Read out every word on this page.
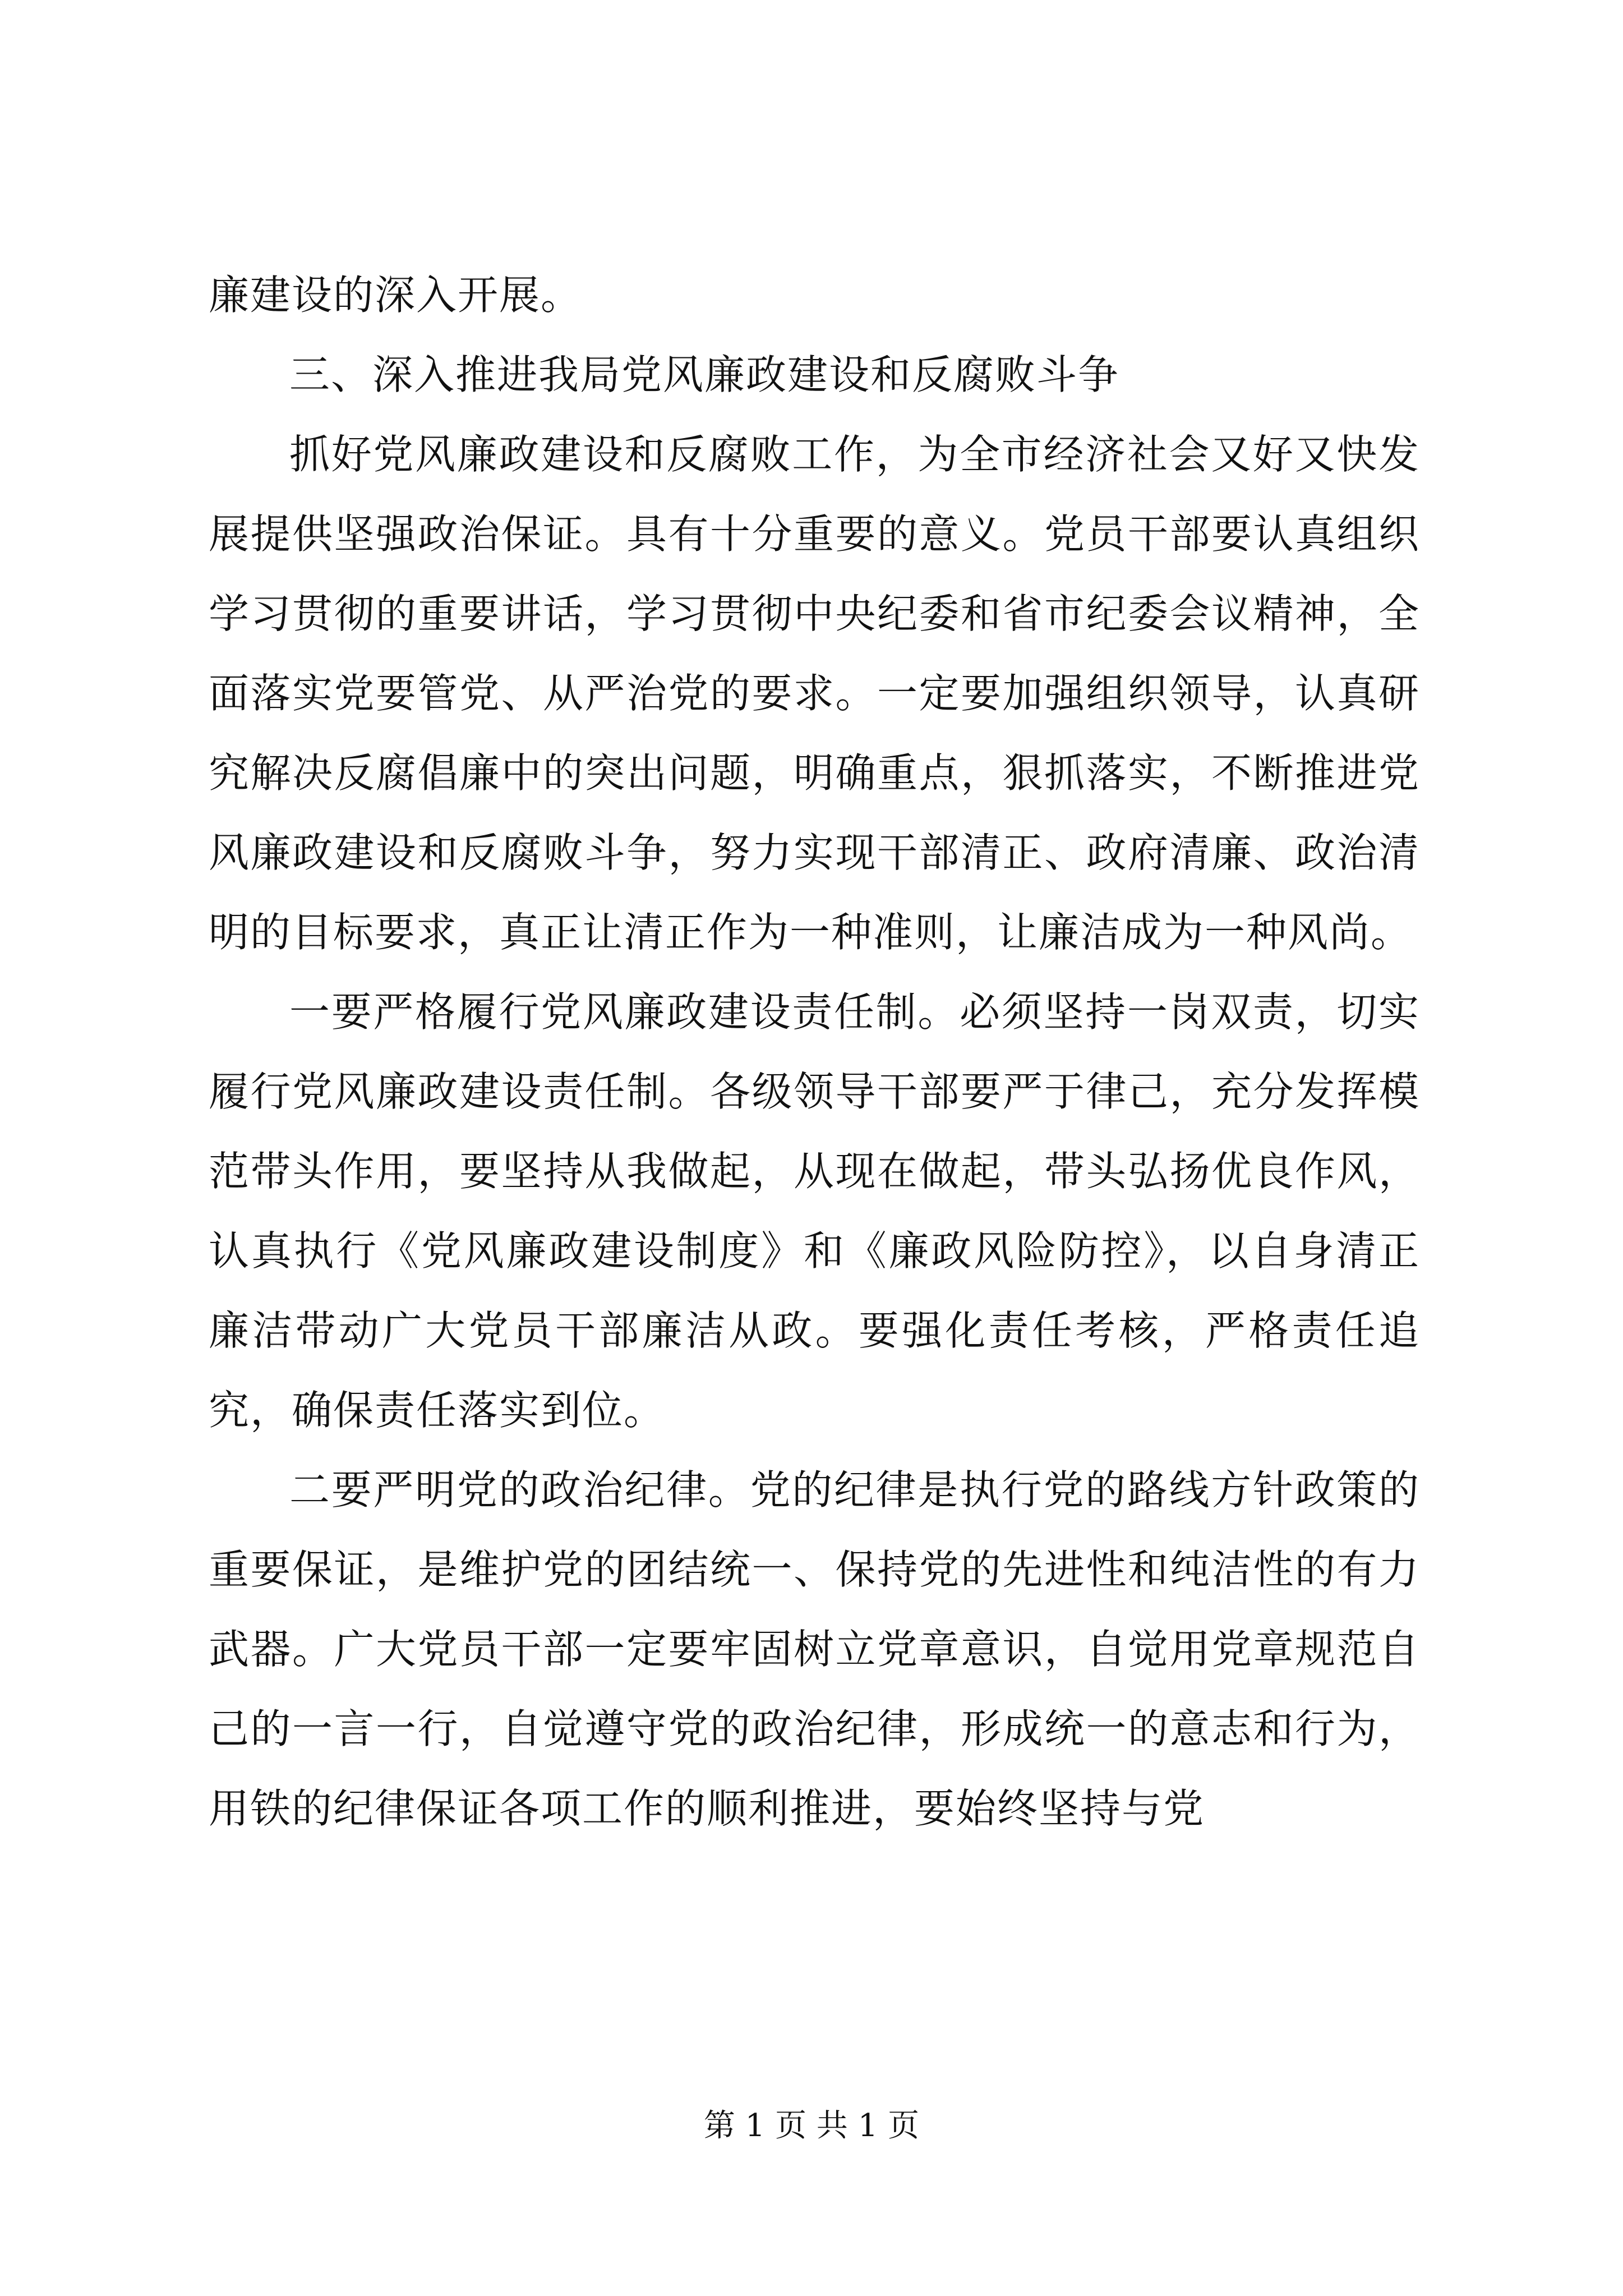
廉建设的深入开展。

三、深入推进我局党风廉政建设和反腐败斗争

抓好党风廉政建设和反腐败工作，为全市经济社会又好又快发展提供坚强政治保证。具有十分重要的意义。党员干部要认真组织学习贯彻的重要讲话，学习贯彻中央纪委和省市纪委会议精神，全面落实党要管党、从严治党的要求。一定要加强组织领导，认真研究解决反腐倡廉中的突出问题，明确重点，狠抓落实，不断推进党风廉政建设和反腐败斗争，努力实现干部清正、政府清廉、政治清明的目标要求，真正让清正作为一种准则，让廉洁成为一种风尚。

一要严格履行党风廉政建设责任制。必须坚持一岗双责，切实履行党风廉政建设责任制。各级领导干部要严于律己，充分发挥模范带头作用，要坚持从我做起，从现在做起，带头弘扬优良作风，认真执行《党风廉政建设制度》和《廉政风险防控》，以自身清正廉洁带动广大党员干部廉洁从政。要强化责任考核，严格责任追究，确保责任落实到位。

二要严明党的政治纪律。党的纪律是执行党的路线方针政策的重要保证，是维护党的团结统一、保持党的先进性和纯洁性的有力武器。广大党员干部一定要牢固树立党章意识，自觉用党章规范自己的一言一行，自觉遵守党的政治纪律，形成统一的意志和行为，用铁的纪律保证各项工作的顺利推进，要始终坚持与党

第 1 页 共 1 页
